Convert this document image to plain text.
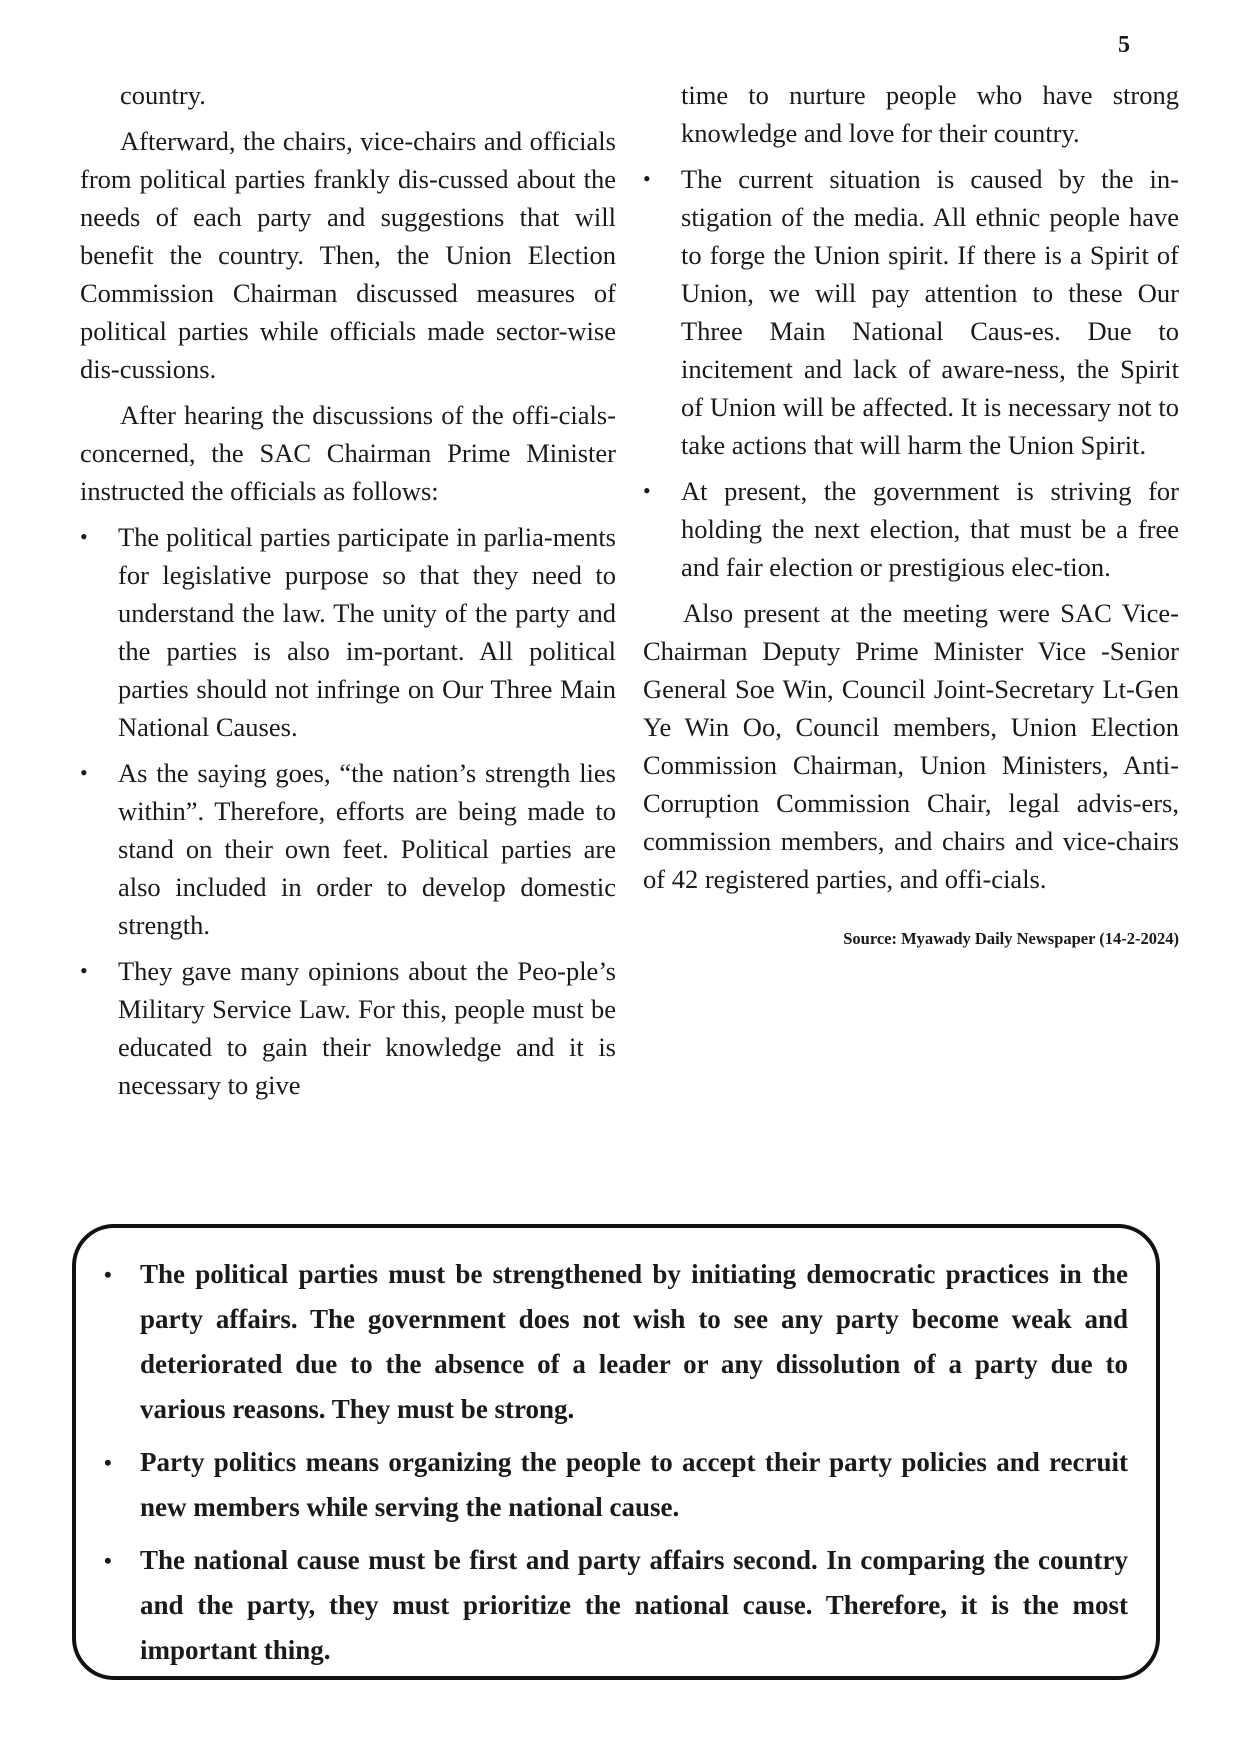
5

country.

Afterward, the chairs, vice-chairs and officials from political parties frankly dis-cussed about the needs of each party and suggestions that will benefit the country. Then, the Union Election Commission Chairman discussed measures of political parties while officials made sector-wise dis-cussions.

After hearing the discussions of the offi-cials-concerned, the SAC Chairman Prime Minister instructed the officials as follows:

•	The political parties participate in parlia-ments for legislative purpose so that they need to understand the law. The unity of the party and the parties is also im-portant. All political parties should not infringe on Our Three Main National Causes.
•	As the saying goes, “the nation’s strength lies within”. Therefore, efforts are being made to stand on their own feet. Political parties are also included in order to develop domestic strength.
•	They gave many opinions about the Peo-ple’s Military Service Law. For this, people must be educated to gain their knowledge and it is necessary to give
time to nurture people who have strong knowledge and love for their country.
•	The current situation is caused by the in-stigation of the media. All ethnic people have to forge the Union spirit. If there is a Spirit of Union, we will pay attention to these Our Three Main National Caus-es. Due to incitement and lack of aware-ness, the Spirit of Union will be affected. It is necessary not to take actions that will harm the Union Spirit.
•	At present, the government is striving for holding the next election, that must be a free and fair election or prestigious elec-tion.

Also present at the meeting were SAC Vice-Chairman Deputy Prime Minister Vice -Senior General Soe Win, Council Joint-Secretary Lt-Gen Ye Win Oo, Council members, Union Election Commission Chairman, Union Ministers, Anti-Corruption Commission Chair, legal advis-ers, commission members, and chairs and vice-chairs of 42 registered parties, and offi-cials.

Source: Myawady Daily Newspaper (14-2-2024)
•	The political parties must be strengthened by initiating democratic practices in the party affairs. The government does not wish to see any party become weak and deteriorated due to the absence of a leader or any dissolution of a party due to various reasons. They must be strong.
•	Party politics means organizing the people to accept their party policies and recruit new members while serving the national cause.
•	The national cause must be first and party affairs second. In comparing the country and the party, they must prioritize the national cause. Therefore, it is the most important thing.
